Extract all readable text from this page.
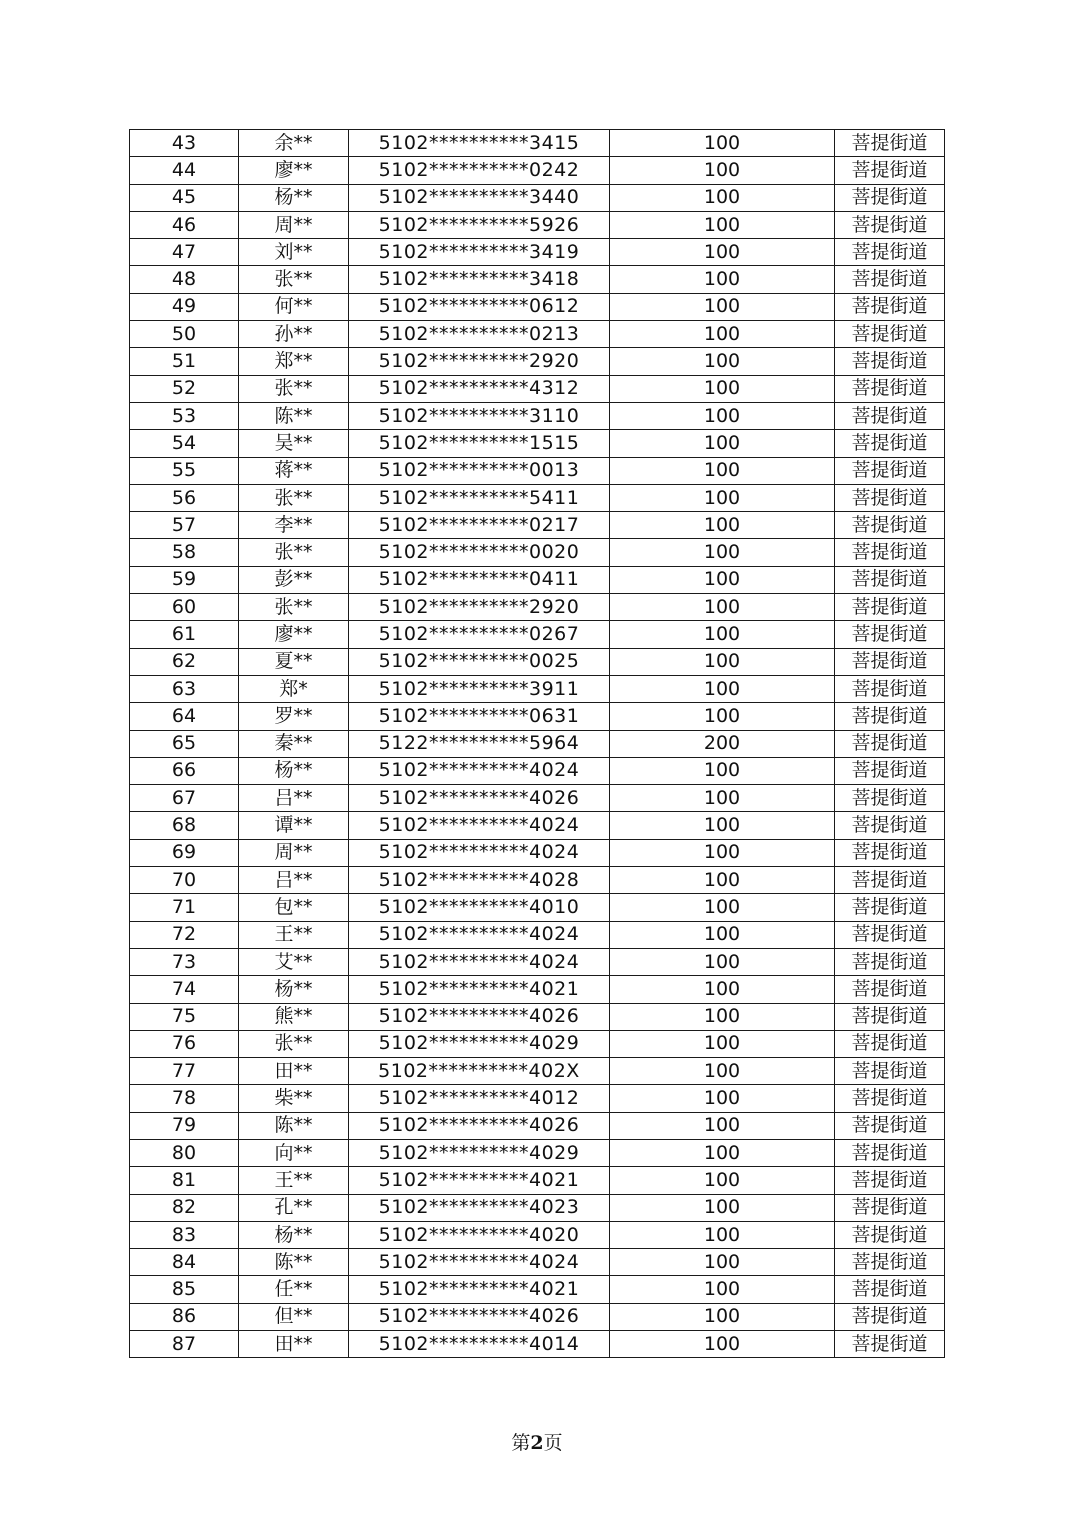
43	余**	5102**********3415	100	菩提街道
44	廖**	5102**********0242	100	菩提街道
45	杨**	5102**********3440	100	菩提街道
46	周**	5102**********5926	100	菩提街道
47	刘**	5102**********3419	100	菩提街道
48	张**	5102**********3418	100	菩提街道
49	何**	5102**********0612	100	菩提街道
50	孙**	5102**********0213	100	菩提街道
51	郑**	5102**********2920	100	菩提街道
52	张**	5102**********4312	100	菩提街道
53	陈**	5102**********3110	100	菩提街道
54	吴**	5102**********1515	100	菩提街道
55	蒋**	5102**********0013	100	菩提街道
56	张**	5102**********5411	100	菩提街道
57	李**	5102**********0217	100	菩提街道
58	张**	5102**********0020	100	菩提街道
59	彭**	5102**********0411	100	菩提街道
60	张**	5102**********2920	100	菩提街道
61	廖**	5102**********0267	100	菩提街道
62	夏**	5102**********0025	100	菩提街道
63	郑*	5102**********3911	100	菩提街道
64	罗**	5102**********0631	100	菩提街道
65	秦**	5122**********5964	200	菩提街道
66	杨**	5102**********4024	100	菩提街道
67	吕**	5102**********4026	100	菩提街道
68	谭**	5102**********4024	100	菩提街道
69	周**	5102**********4024	100	菩提街道
70	吕**	5102**********4028	100	菩提街道
71	包**	5102**********4010	100	菩提街道
72	王**	5102**********4024	100	菩提街道
73	艾**	5102**********4024	100	菩提街道
74	杨**	5102**********4021	100	菩提街道
75	熊**	5102**********4026	100	菩提街道
76	张**	5102**********4029	100	菩提街道
77	田**	5102**********402X	100	菩提街道
78	柴**	5102**********4012	100	菩提街道
79	陈**	5102**********4026	100	菩提街道
80	向**	5102**********4029	100	菩提街道
81	王**	5102**********4021	100	菩提街道
82	孔**	5102**********4023	100	菩提街道
83	杨**	5102**********4020	100	菩提街道
84	陈**	5102**********4024	100	菩提街道
85	任**	5102**********4021	100	菩提街道
86	但**	5102**********4026	100	菩提街道
87	田**	5102**********4014	100	菩提街道
第2页
